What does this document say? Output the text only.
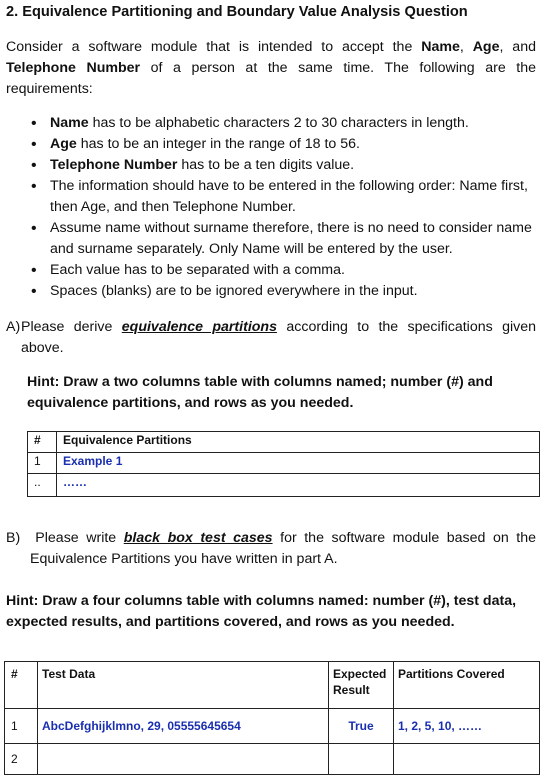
2. Equivalence Partitioning and Boundary Value Analysis Question
Consider a software module that is intended to accept the Name, Age, and Telephone Number of a person at the same time. The following are the requirements:
• Name has to be alphabetic characters 2 to 30 characters in length.
• Age has to be an integer in the range of 18 to 56.
• Telephone Number has to be a ten digits value.
• The information should have to be entered in the following order: Name first, then Age, and then Telephone Number.
• Assume name without surname therefore, there is no need to consider name and surname separately. Only Name will be entered by the user.
• Each value has to be separated with a comma.
• Spaces (blanks) are to be ignored everywhere in the input.
A)Please derive equivalence partitions according to the specifications given
above.
Hint: Draw a two columns table with columns named; number (#) and equivalence partitions, and rows as you needed.
#	Equivalence Partitions
1	Example 1
..	……
B) Please write black box test cases for the software module based on the
Equivalence Partitions you have written in part A.
Hint: Draw a four columns table with columns named: number (#), test data, expected results, and partitions covered, and rows as you needed.
#	Test Data	Expected Result	Partitions Covered
1	AbcDefghijklmno, 29, 05555645654	True	1, 2, 5, 10, ……
2			
